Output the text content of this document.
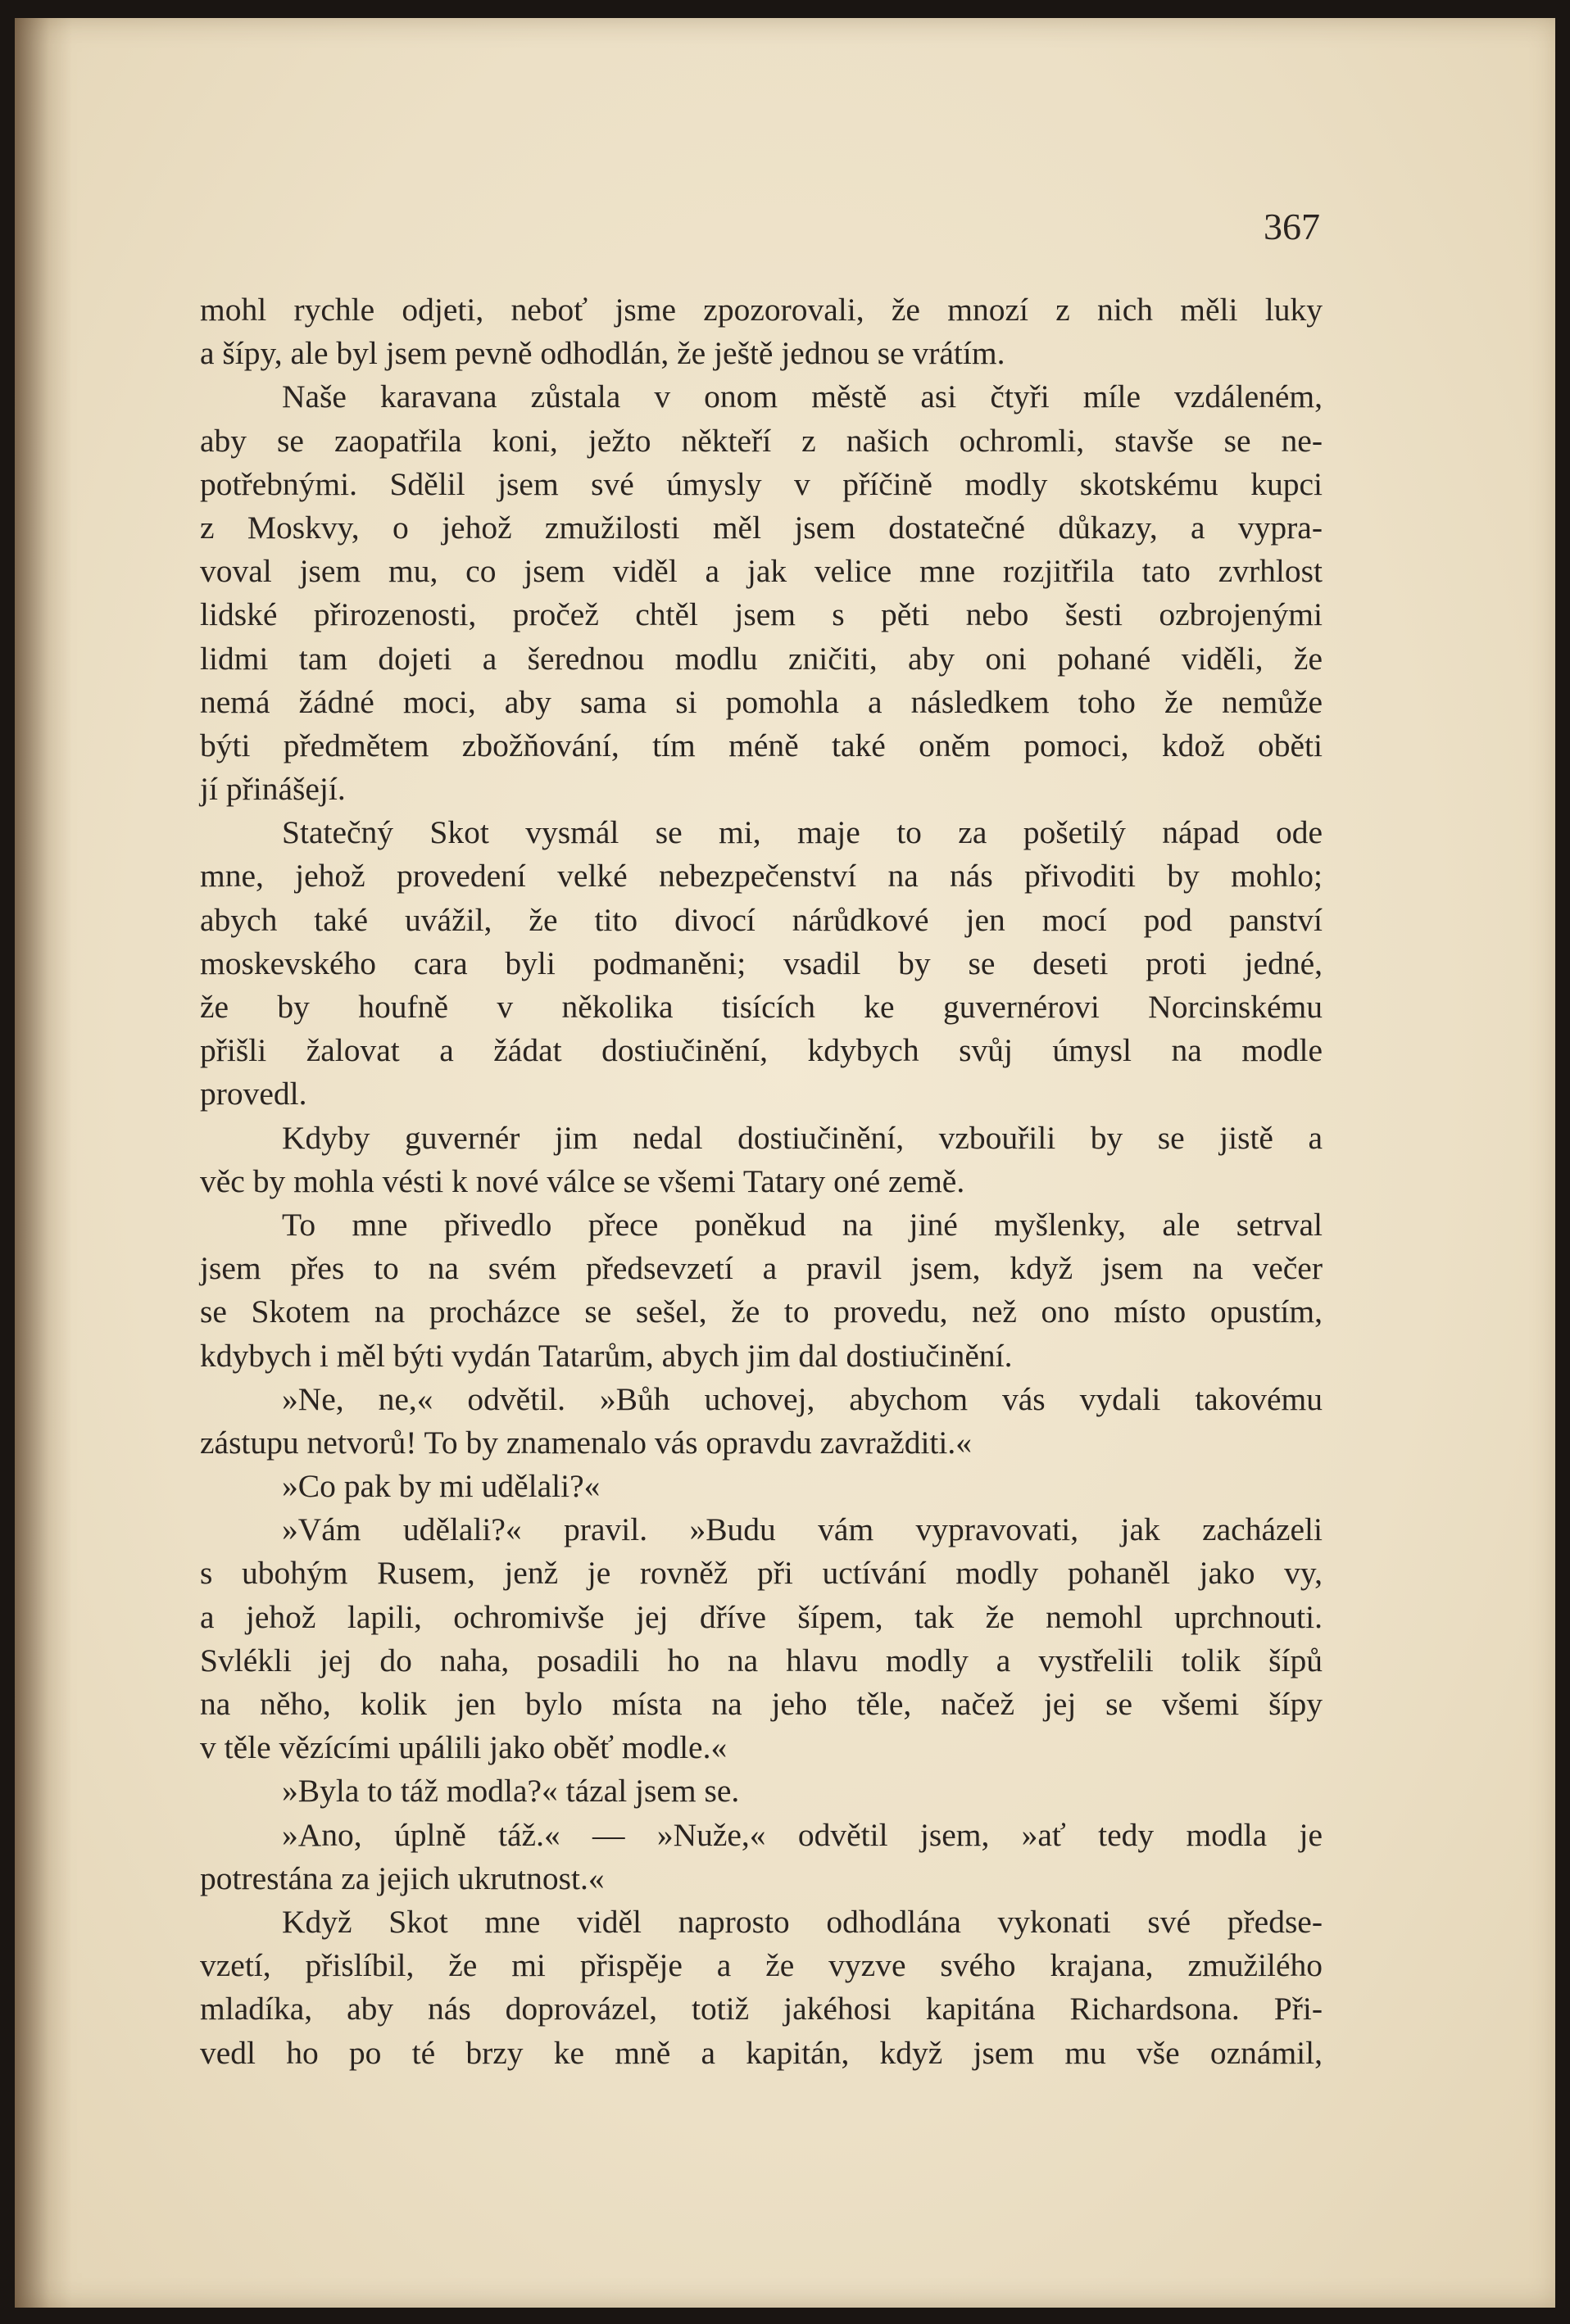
367
mohl rychle odjeti, neboť jsme zpozorovali, že mnozí z nich měli luky
a šípy, ale byl jsem pevně odhodlán, že ještě jednou se vrátím.
Naše karavana zůstala v onom městě asi čtyři míle vzdáleném,
aby se zaopatřila koni, ježto někteří z našich ochromli, stavše se ne-
potřebnými. Sdělil jsem své úmysly v příčině modly skotskému kupci
z Moskvy, o jehož zmužilosti měl jsem dostatečné důkazy, a vypra-
voval jsem mu, co jsem viděl a jak velice mne rozjitřila tato zvrhlost
lidské přirozenosti, pročež chtěl jsem s pěti nebo šesti ozbrojenými
lidmi tam dojeti a šerednou modlu zničiti, aby oni pohané viděli, že
nemá žádné moci, aby sama si pomohla a následkem toho že nemůže
býti předmětem zbožňování, tím méně také oněm pomoci, kdož oběti
jí přinášejí.
Statečný Skot vysmál se mi, maje to za pošetilý nápad ode
mne, jehož provedení velké nebezpečenství na nás přivoditi by mohlo;
abych také uvážil, že tito divocí nárůdkové jen mocí pod panství
moskevského cara byli podmaněni; vsadil by se deseti proti jedné,
že by houfně v několika tisících ke guvernérovi Norcinskému
přišli žalovat a žádat dostiučinění, kdybych svůj úmysl na modle
provedl.
Kdyby guvernér jim nedal dostiučinění, vzbouřili by se jistě a
věc by mohla vésti k nové válce se všemi Tatary oné země.
To mne přivedlo přece poněkud na jiné myšlenky, ale setrval
jsem přes to na svém předsevzetí a pravil jsem, když jsem na večer
se Skotem na procházce se sešel, že to provedu, než ono místo opustím,
kdybych i měl býti vydán Tatarům, abych jim dal dostiučinění.
»Ne, ne,« odvětil. »Bůh uchovej, abychom vás vydali takovému
zástupu netvorů! To by znamenalo vás opravdu zavražditi.«
»Co pak by mi udělali?«
»Vám udělali?« pravil. »Budu vám vypravovati, jak zacházeli
s ubohým Rusem, jenž je rovněž při uctívání modly pohaněl jako vy,
a jehož lapili, ochromivše jej dříve šípem, tak že nemohl uprchnouti.
Svlékli jej do naha, posadili ho na hlavu modly a vystřelili tolik šípů
na něho, kolik jen bylo místa na jeho těle, načež jej se všemi šípy
v těle vězícími upálili jako oběť modle.«
»Byla to táž modla?« tázal jsem se.
»Ano, úplně táž.« — »Nuže,« odvětil jsem, »ať tedy modla je
potrestána za jejich ukrutnost.«
Když Skot mne viděl naprosto odhodlána vykonati své předse-
vzetí, přislíbil, že mi přispěje a že vyzve svého krajana, zmužilého
mladíka, aby nás doprovázel, totiž jakéhosi kapitána Richardsona. Při-
vedl ho po té brzy ke mně a kapitán, když jsem mu vše oznámil,
